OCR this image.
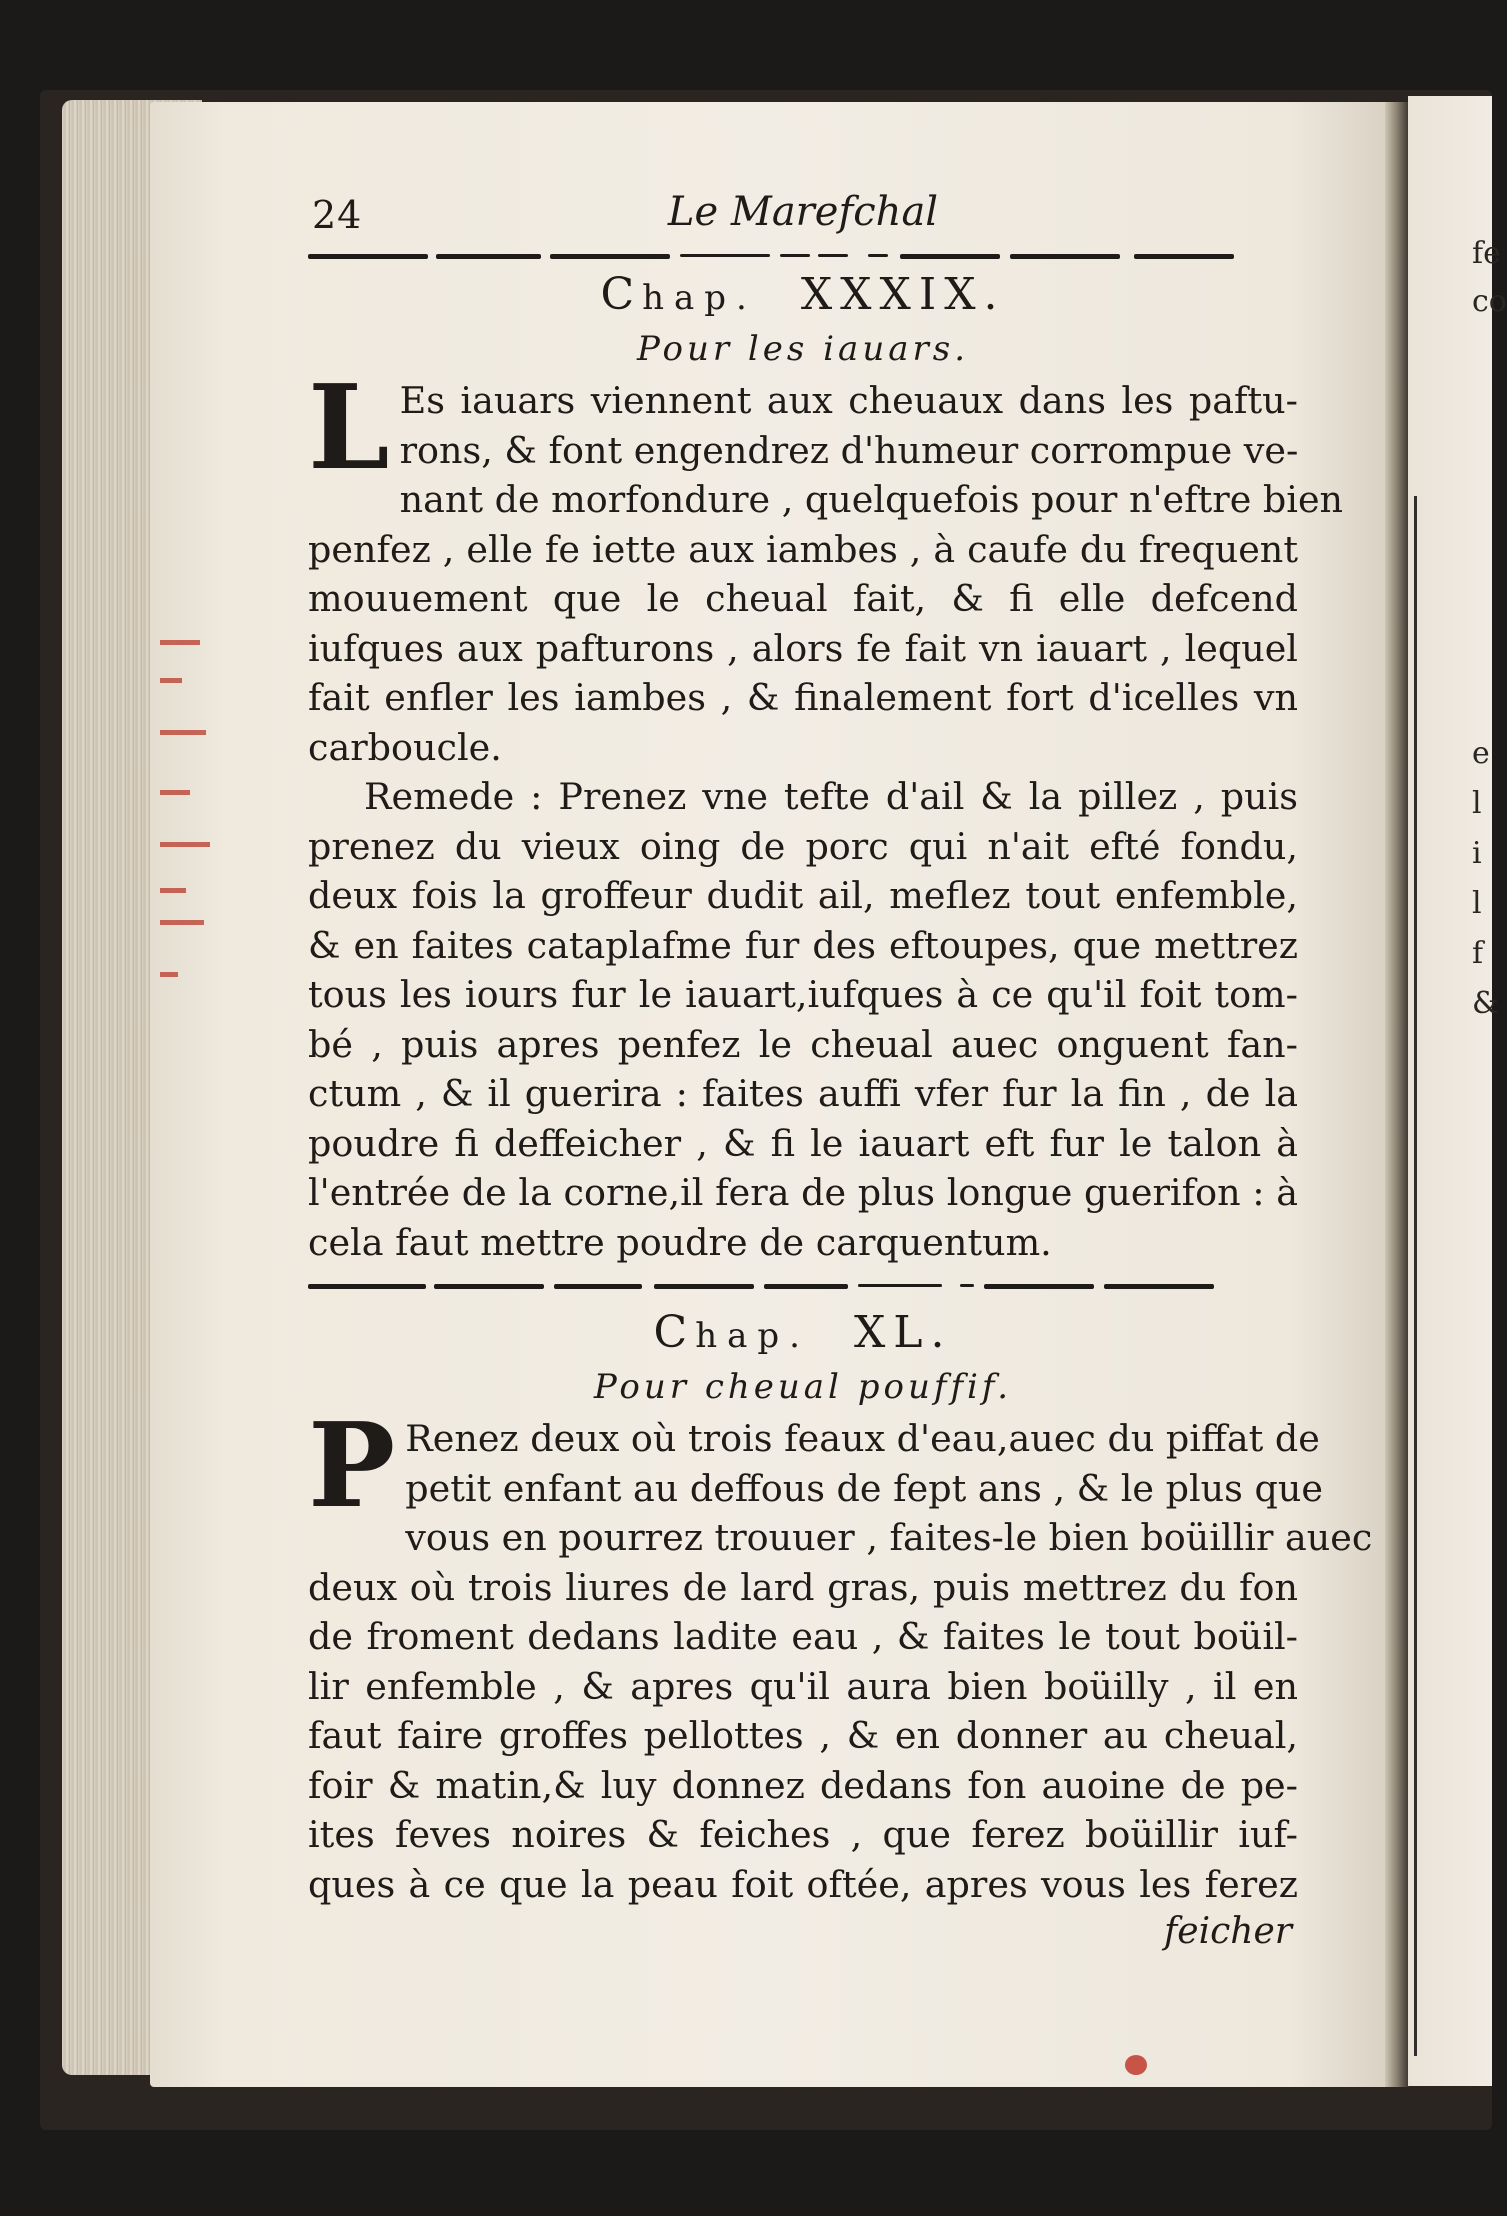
fe
co
e
l
i
l
f
&
24	Le Marefchal
Chap. XXXIX.
Pour les iauars.
L Es iauars viennent aux cheuaux dans les paftu-
rons, & font engendrez d'humeur corrompue ve-
nant de morfondure , quelquefois pour n'eftre bien
penfez , elle fe iette aux iambes , à caufe du frequent
mouuement que le cheual fait, & fi elle defcend
iufques aux pafturons , alors fe fait vn iauart , lequel
fait enfler les iambes , & finalement fort d'icelles vn
carboucle.
Remede : Prenez vne tefte d'ail & la pillez , puis
prenez du vieux oing de porc qui n'ait efté fondu,
deux fois la groffeur dudit ail, meflez tout enfemble,
& en faites cataplafme fur des eftoupes, que mettrez
tous les iours fur le iauart,iufques à ce qu'il foit tom-
bé , puis apres penfez le cheual auec onguent fan-
ctum , & il guerira : faites auffi vfer fur la fin , de la
poudre fi deffeicher , & fi le iauart eft fur le talon à
l'entrée de la corne,il fera de plus longue guerifon : à
cela faut mettre poudre de carquentum.
Chap. XL.
Pour cheual pouffif.
P Renez deux où trois feaux d'eau,auec du piffat de
petit enfant au deffous de fept ans , & le plus que
vous en pourrez trouuer , faites-le bien boüillir auec
deux où trois liures de lard gras, puis mettrez du fon
de froment dedans ladite eau , & faites le tout boüil-
lir enfemble , & apres qu'il aura bien boüilly , il en
faut faire groffes pellottes , & en donner au cheual,
foir & matin,& luy donnez dedans fon auoine de pe-
ites feves noires & feiches , que ferez boüillir iuf-
ques à ce que la peau foit oftée, apres vous les ferez
feicher
